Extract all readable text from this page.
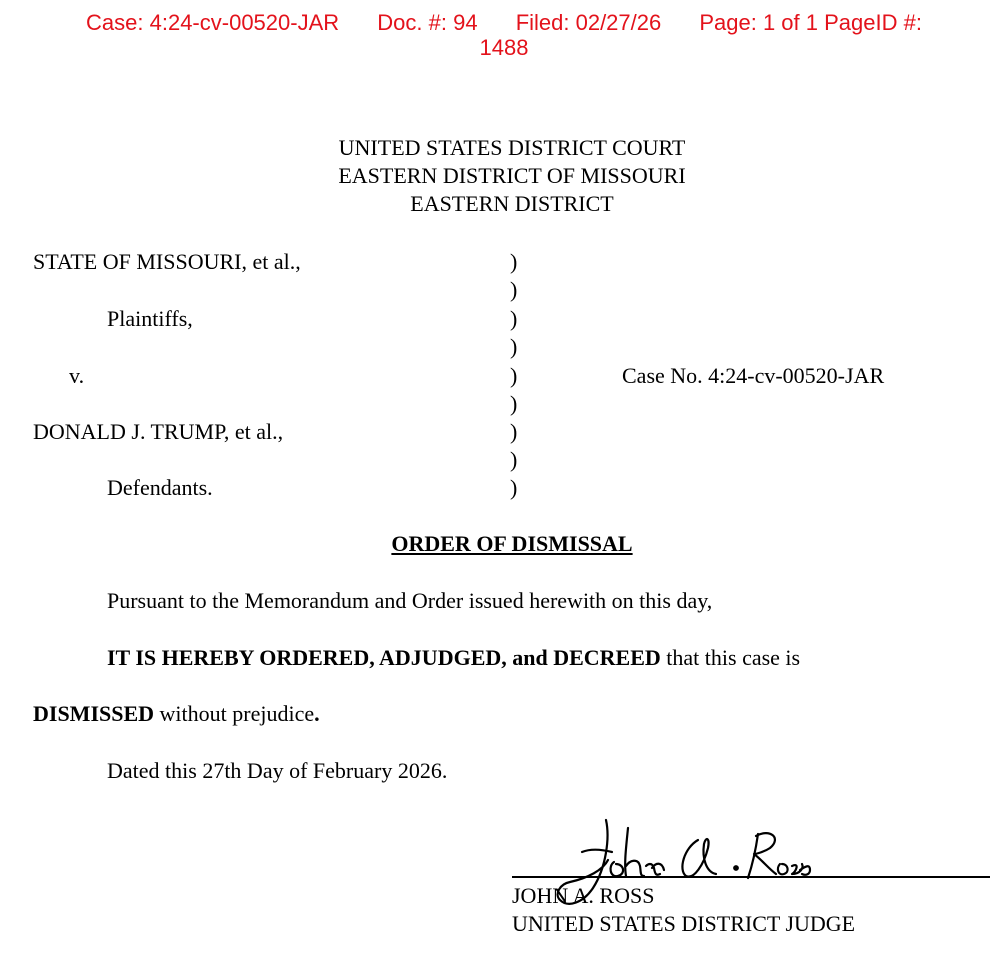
Case: 4:24-cv-00520-JAR Doc. #: 94 Filed: 02/27/26 Page: 1 of 1 PageID #:
1488
UNITED STATES DISTRICT COURT
EASTERN DISTRICT OF MISSOURI
EASTERN DISTRICT
STATE OF MISSOURI, et al.,
Plaintiffs,
v.
DONALD J. TRUMP, et al.,
Defendants.
Case No. 4:24-cv-00520-JAR
)
)
)
)
)
)
)
)
)
ORDER OF DISMISSAL
Pursuant to the Memorandum and Order issued herewith on this day,
IT IS HEREBY ORDERED, ADJUDGED, and DECREED that this case is
DISMISSED without prejudice.
Dated this 27th Day of February 2026.
JOHN A. ROSS
UNITED STATES DISTRICT JUDGE
